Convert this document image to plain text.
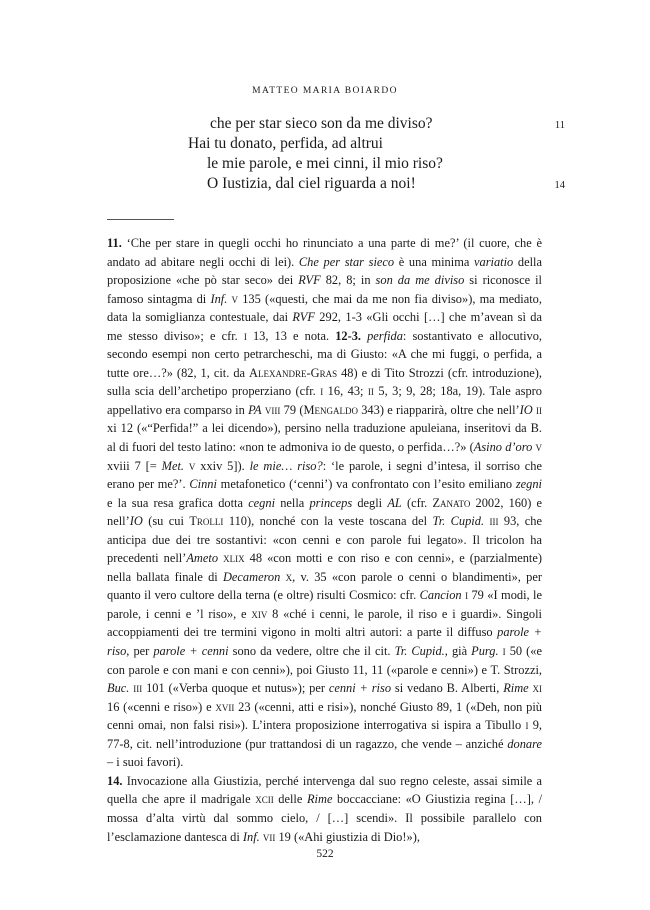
MATTEO MARIA BOIARDO
che per star sieco son da me diviso?	11
Hai tu donato, perfida, ad altrui
le mie parole, e mei cinni, il mio riso?
O Iustizia, dal ciel riguarda a noi!	14

11. ‘Che per stare in quegli occhi ho rinunciato a una parte di me?’ (il cuore, che è andato ad abitare negli occhi di lei). Che per star sieco è una minima variatio della proposizione «che pò star seco» dei RVF 82, 8; in son da me diviso si riconosce il famoso sintagma di Inf. v 135 («questi, che mai da me non fia diviso»), ma mediato, data la somiglianza contestuale, dai RVF 292, 1-3 «Gli occhi […] che m’avean sì da me stesso diviso»; e cfr. i 13, 13 e nota. 12-3. perfida: sostantivato e allocutivo, secondo esempi non certo petrarcheschi, ma di Giusto: «A che mi fuggi, o perfida, a tutte ore…?» (82, 1, cit. da Alexandre-Gras 48) e di Tito Strozzi (cfr. introduzione), sulla scia dell’archetipo properziano (cfr. i 16, 43; ii 5, 3; 9, 28; 18a, 19). Tale aspro appellativo era comparso in PA viii 79 (Mengaldo 343) e riapparirà, oltre che nell’IO ii xi 12 («“Perfida!” a lei dicendo»), persino nella traduzione apuleiana, inseritovi da B. al di fuori del testo latino: «non te admoniva io de questo, o perfida…?» (Asino d’oro v xviii 7 [= Met. v xxiv 5]). le mie… riso?: ‘le parole, i segni d’intesa, il sorriso che erano per me?’. Cinni metafonetico (‘cenni’) va confrontato con l’esito emiliano zegni e la sua resa grafica dotta cegni nella princeps degli AL (cfr. Zanato 2002, 160) e nell’IO (su cui Trolli 110), nonché con la veste toscana del Tr. Cupid. iii 93, che anticipa due dei tre sostantivi: «con cenni e con parole fui legato». Il tricolon ha precedenti nell’Ameto xlix 48 «con motti e con riso e con cenni», e (parzialmente) nella ballata finale di Decameron x, v. 35 «con parole o cenni o blandimenti», per quanto il vero cultore della terna (e oltre) risulti Cosmico: cfr. Cancion i 79 «I modi, le parole, i cenni e ’l riso», e xiv 8 «ché i cenni, le parole, il riso e i guardi». Singoli accoppiamenti dei tre termini vigono in molti altri autori: a parte il diffuso parole + riso, per parole + cenni sono da vedere, oltre che il cit. Tr. Cupid., già Purg. i 50 («e con parole e con mani e con cenni»), poi Giusto 11, 11 («parole e cenni») e T. Strozzi, Buc. iii 101 («Verba quoque et nutus»); per cenni + riso si vedano B. Alberti, Rime xi 16 («cenni e riso») e xvii 23 («cenni, atti e risi»), nonché Giusto 89, 1 («Deh, non più cenni omai, non falsi risi»). L’intera proposizione interrogativa si ispira a Tibullo i 9, 77-8, cit. nell’introduzione (pur trattandosi di un ragazzo, che vende – anziché donare – i suoi favori).
14. Invocazione alla Giustizia, perché intervenga dal suo regno celeste, assai simile a quella che apre il madrigale xcii delle Rime boccacciane: «O Giustizia regina […], / mossa d’alta virtù dal sommo cielo, / […] scendi». Il possibile parallelo con l’esclamazione dantesca di Inf. vii 19 («Ahi giustizia di Dio!»),

522
